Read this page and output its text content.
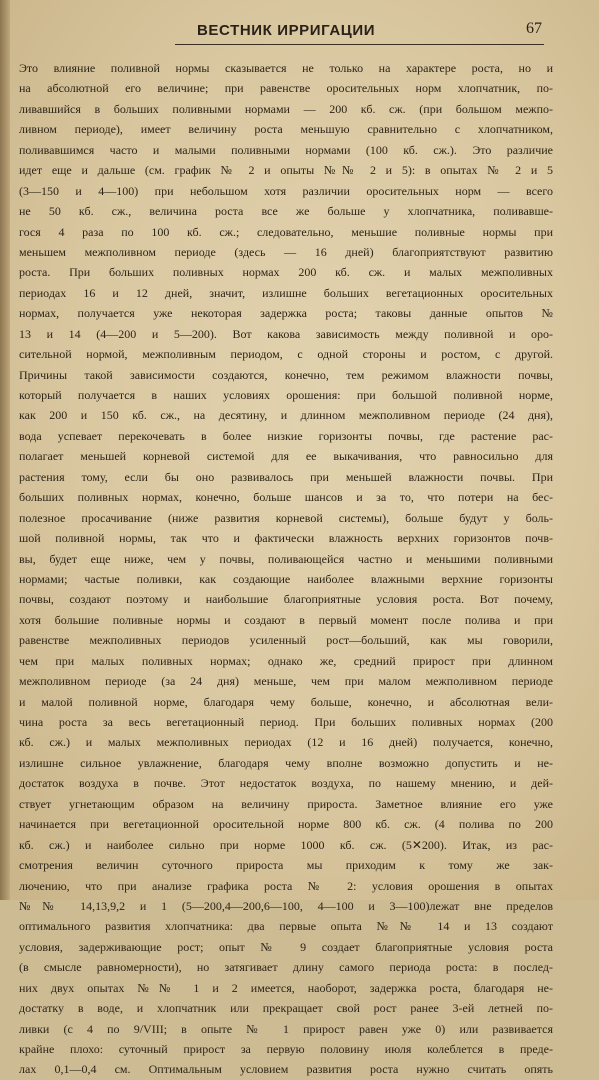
ВЕСТНИК ИРРИГАЦИИ	67
Это влияние поливной нормы сказывается не только на характере роста, но и
на абсолютной его величине; при равенстве оросительных норм хлопчатник, по-
ливавшийся в больших поливными нормами — 200 кб. сж. (при большом межпо-
ливном периоде), имеет величину роста меньшую сравнительно с хлопчатником,
поливавшимся часто и малыми поливными нормами (100 кб. сж.). Это различие
идет еще и дальше (см. график № 2 и опыты №№ 2 и 5): в опытах № 2 и 5
(3—150 и 4—100) при небольшом хотя различии оросительных норм — всего
не 50 кб. сж., величина роста все же больше у хлопчатника, поливавше-
гося 4 раза по 100 кб. сж.; следовательно, меньшие поливные нормы при
меньшем межполивном периоде (здесь — 16 дней) благоприятствуют развитию
роста. При больших поливных нормах 200 кб. сж. и малых межполивных
периодах 16 и 12 дней, значит, излишне больших вегетационных оросительных
нормах, получается уже некоторая задержка роста; таковы данные опытов №
13 и 14 (4—200 и 5—200). Вот какова зависимость между поливной и оро-
сительной нормой, межполивным периодом, с одной стороны и ростом, с другой.
Причины такой зависимости создаются, конечно, тем режимом влажности почвы,
который получается в наших условиях орошения: при большой поливной норме,
как 200 и 150 кб. сж., на десятину, и длинном межполивном периоде (24 дня),
вода успевает перекочевать в более низкие горизонты почвы, где растение рас-
полагает меньшей корневой системой для ее выкачивания, что равносильно для
растения тому, если бы оно развивалось при меньшей влажности почвы. При
больших поливных нормах, конечно, больше шансов и за то, что потери на бес-
полезное просачивание (ниже развития корневой системы), больше будут у боль-
шой поливной нормы, так что и фактически влажность верхних горизонтов почв-
вы, будет еще ниже, чем у почвы, поливающейся частно и меньшими поливными
нормами; частые поливки, как создающие наиболее влажными верхние горизонты
почвы, создают поэтому и наибольшие благоприятные условия роста. Вот почему,
хотя большие поливные нормы и создают в первый момент после полива и при
равенстве межполивных периодов усиленный рост—больший, как мы говорили,
чем при малых поливных нормах; однако же, средний прирост при длинном
межполивном периоде (за 24 дня) меньше, чем при малом межполивном периоде
и малой поливной норме, благодаря чему больше, конечно, и абсолютная вели-
чина роста за весь вегетационный период. При больших поливных нормах (200
кб. сж.) и малых межполивных периодах (12 и 16 дней) получается, конечно,
излишне сильное увлажнение, благодаря чему вполне возможно допустить и не-
достаток воздуха в почве. Этот недостаток воздуха, по нашему мнению, и дей-
ствует угнетающим образом на величину прироста. Заметное влияние его уже
начинается при вегетационной оросительной норме 800 кб. сж. (4 полива по 200
кб. сж.) и наиболее сильно при норме 1000 кб. сж. (5✕200). Итак, из рас-
смотрения величин суточного прироста мы приходим к тому же зак-
лючению, что при анализе графика роста № 2: условия орошения в опытах
№№ 14,13,9,2 и 1 (5—200,4—200,6—100, 4—100 и 3—100)лежат вне пределов
оптимального развития хлопчатника: два первые опыта №№ 14 и 13 создают
условия, задерживающие рост; опыт № 9 создает благоприятные условия роста
(в смысле равномерности), но затягивает длину самого периода роста: в послед-
них двух опытах №№ 1 и 2 имеется, наоборот, задержка роста, благодаря не-
достатку в воде, и хлопчатник или прекращает свой рост ранее 3-ей летней по-
ливки (с 4 по 9/VIII; в опыте № 1 прирост равен уже 0) или развивается
крайне плохо: суточный прирост за первую половину июля колеблется в преде-
лах 0,1—0,4 см. Оптимальным условием развития роста нужно считать опять
